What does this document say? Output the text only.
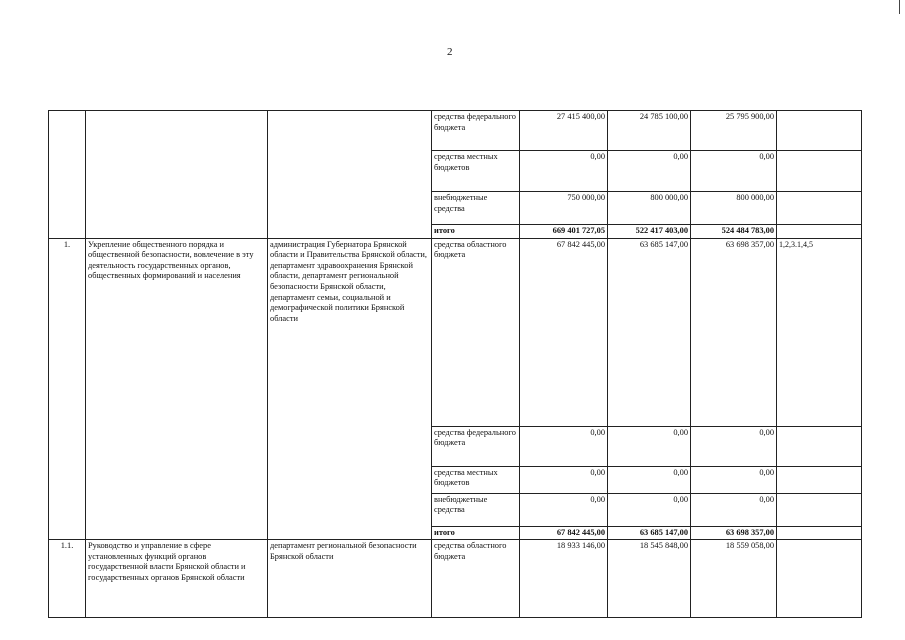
2
			средства федерального бюджета	27 415 400,00	24 785 100,00	25 795 900,00	
			средства местных бюджетов	0,00	0,00	0,00	
			внебюджетные средства	750 000,00	800 000,00	800 000,00	
			итого	669 401 727,05	522 417 403,00	524 484 783,00	
1.	Укрепление общественного порядка и общественной безопасности, вовлечение в эту деятельность государственных органов, общественных формирований и населения	администрация Губернатора Брянской области и Правительства Брянской области, департамент здравоохранения Брянской области, департамент региональной безопасности Брянской области, департамент семьи, социальной и демографической политики Брянской области	средства областного бюджета	67 842 445,00	63 685 147,00	63 698 357,00	1,2,3.1,4,5
			средства федерального бюджета	0,00	0,00	0,00	
			средства местных бюджетов	0,00	0,00	0,00	
			внебюджетные средства	0,00	0,00	0,00	
			итого	67 842 445,00	63 685 147,00	63 698 357,00	
1.1.	Руководство и управление в сфере установленных функций органов государственной власти Брянской области и государственных органов Брянской области	департамент региональной безопасности Брянской области	средства областного бюджета	18 933 146,00	18 545 848,00	18 559 058,00	
